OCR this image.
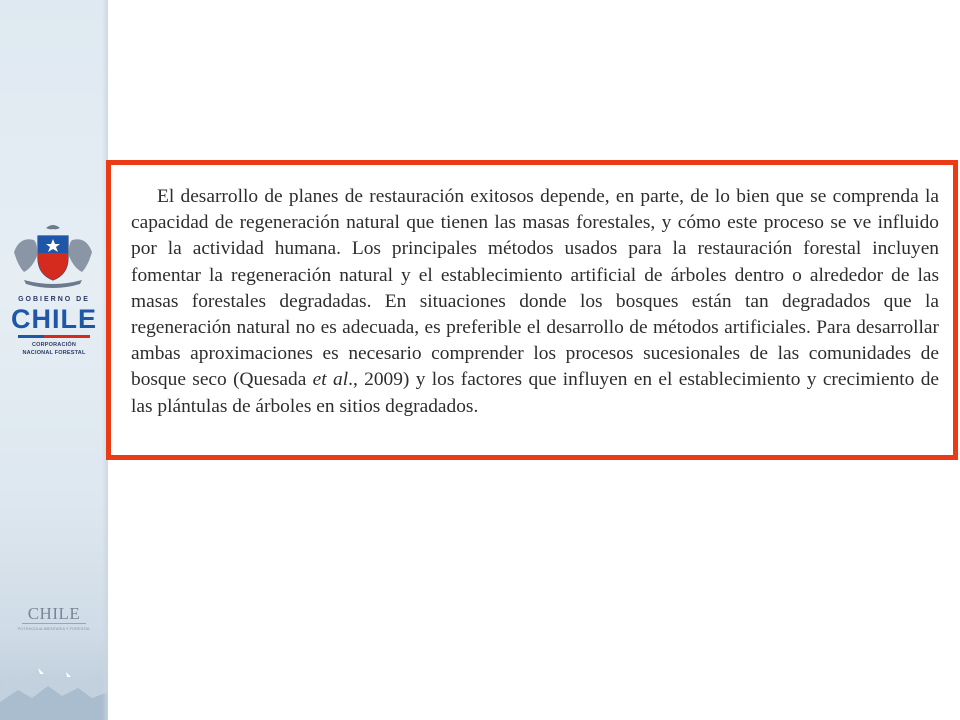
GOBIERNO DE
CHILE
CORPORACIÓN
NACIONAL FORESTAL
CHILE
POTENCIA ALIMENTARIA Y FORESTAL

El desarrollo de planes de restauración exitosos depende, en parte, de lo bien que se comprenda la capacidad de regeneración natural que tienen las masas forestales, y cómo este proceso se ve influido por la actividad humana. Los principales métodos usados para la restauración forestal incluyen fomentar la regeneración natural y el establecimiento artificial de árboles dentro o alrededor de las masas forestales degradadas. En situaciones donde los bosques están tan degradados que la regeneración natural no es adecuada, es preferible el desarrollo de métodos artificiales. Para desarrollar ambas aproximaciones es necesario comprender los procesos sucesionales de las comunidades de bosque seco (Quesada et al., 2009) y los factores que influyen en el establecimiento y crecimiento de las plántulas de árboles en sitios degradados.
